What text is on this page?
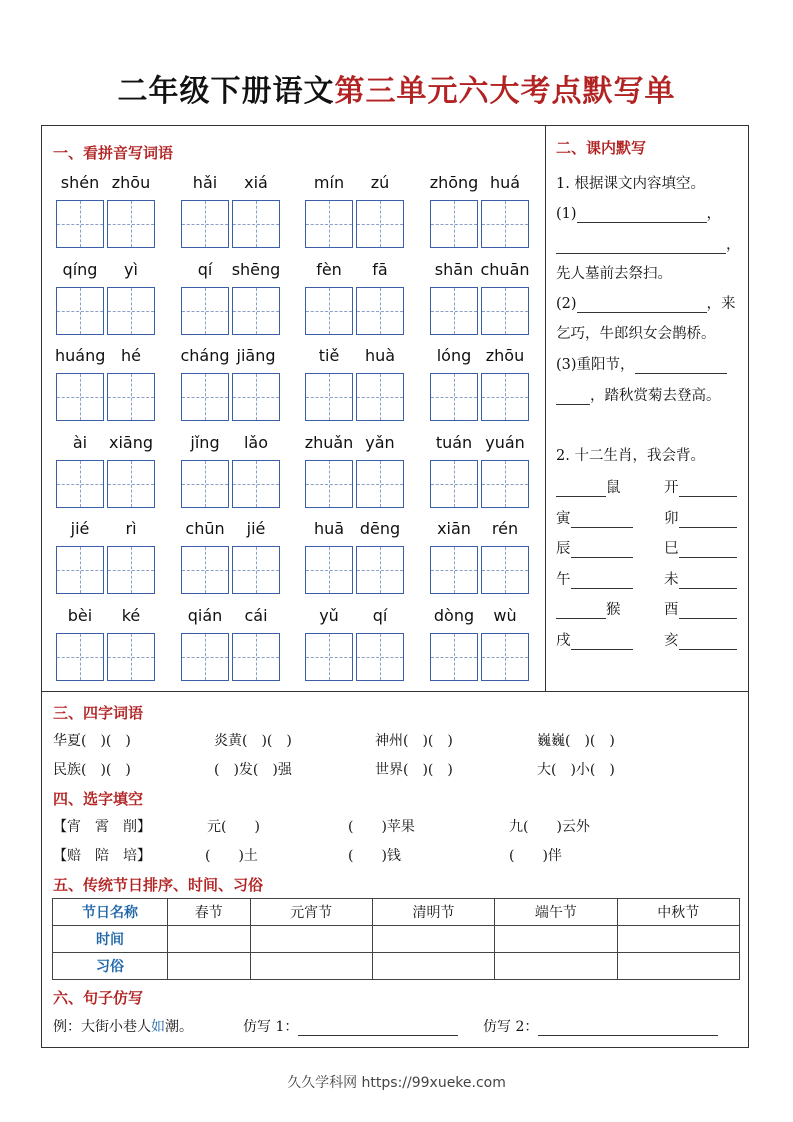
二年级下册语文第三单元六大考点默写单
一、看拼音写词语
shén zhōu	hǎi	xiá	mín	zú	zhōng huá
qíng	yì	qí	shēng	fèn	fā	shān chuān
huáng hé	cháng jiāng	tiě	huà	lóng zhōu
ài	xiāng	jǐng	lǎo	zhuǎn yǎn	tuán yuán
jié	rì	chūn	jié	huā dēng	xiān	rén
bèi	ké	qián	cái	yǔ	qí	dòng	wù
二、课内默写
1. 根据课文内容填空。
(1)	，
，
先人墓前去祭扫。
(2)	，来
乞巧，牛郎织女会鹊桥。
(3)重阳节，
，踏秋赏菊去登高。
2. 十二生肖，我会背。
鼠	开
寅	卯
辰	巳
午	未
猴	酉
戌	亥
三、四字词语
华夏(　)(　)	炎黄(　)(　)	神州(　)(　)	巍巍(　)(　)
民族(　)(　)	(　)发(　)强	世界(　)(　)	大(　)小(　)
四、选字填空
【宵　霄　削】	元(　　)	(　　)苹果	九(　　)云外
【赔　陪　培】	(　　)土	(　　)钱	(　　)伴
五、传统节日排序、时间、习俗
节日名称	春节	元宵节	清明节	端午节	中秋节
时间					
习俗					
六、句子仿写
例：大街小巷人如潮。	仿写 1：	仿写 2：
久久学科网 https://99xueke.com
